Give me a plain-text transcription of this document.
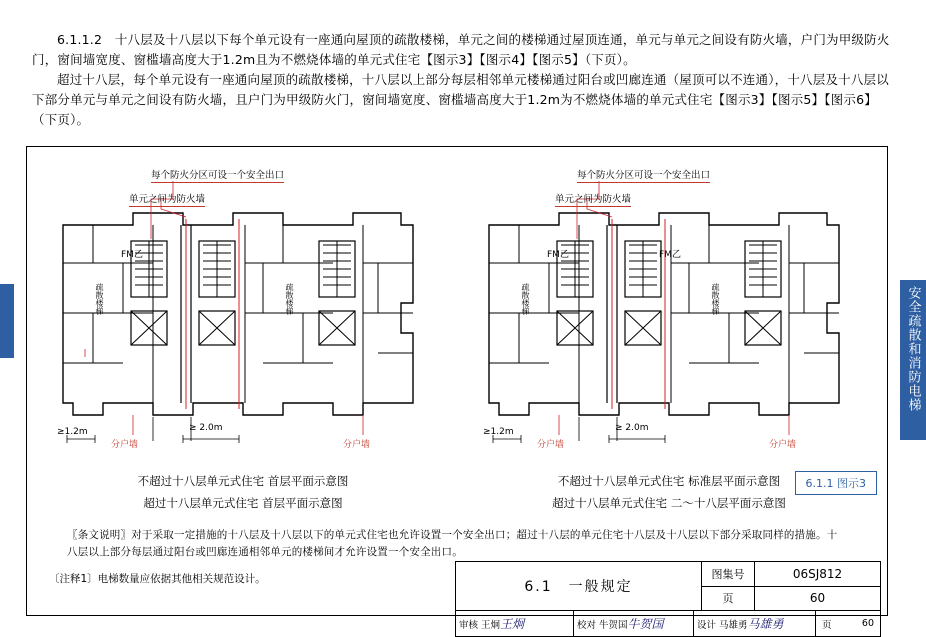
安全疏散和消防电梯

6.1.1.2　十八层及十八层以下每个单元设有一座通向屋顶的疏散楼梯，单元之间的楼梯通过屋顶连通，单元与单元之间设有防火墙，户门为甲级防火门，窗间墙宽度、窗槛墙高度大于1.2m且为不燃烧体墙的单元式住宅【图示3】【图示4】【图示5】（下页）。

超过十八层，每个单元设有一座通向屋顶的疏散楼梯，十八层以上部分每层相邻单元楼梯通过阳台或凹廊连通（屋顶可以不连通），十八层及十八层以下部分单元与单元之间设有防火墙，且户门为甲级防火门，窗间墙宽度、窗槛墙高度大于1.2m为不燃烧体墙的单元式住宅【图示3】【图示5】【图示6】（下页）。

每个防火分区可设一个安全出口
单元之间为防火墙
FM乙
疏散楼梯	疏散楼梯
≥1.2m	≥ 2.0m
分户墙	分户墙
不超过十八层单元式住宅 首层平面示意图
超过十八层单元式住宅 首层平面示意图
每个防火分区可设一个安全出口
单元之间为防火墙
FM乙	FM乙
疏散楼梯	疏散楼梯
≥1.2m	≥ 2.0m
分户墙	分户墙
不超过十八层单元式住宅 标准层平面示意图
超过十八层单元式住宅 二～十八层平面示意图
6.1.1 图示3
〖条文说明〗对于采取一定措施的十八层及十八层以下的单元式住宅也允许设置一个安全出口；超过十八层的单元住宅十八层及十八层以下部分采取同样的措施。十八层以上部分每层通过阳台或凹廊连通相邻单元的楼梯间才允许设置一个安全出口。
〔注释1〕电梯数量应依据其他相关规范设计。	6.1　一般规定
图集号	06SJ812
页	60
审核 王炯 王炯	校对 牛贺国 牛贺国	设计 马雄勇 马雄勇	页	60
